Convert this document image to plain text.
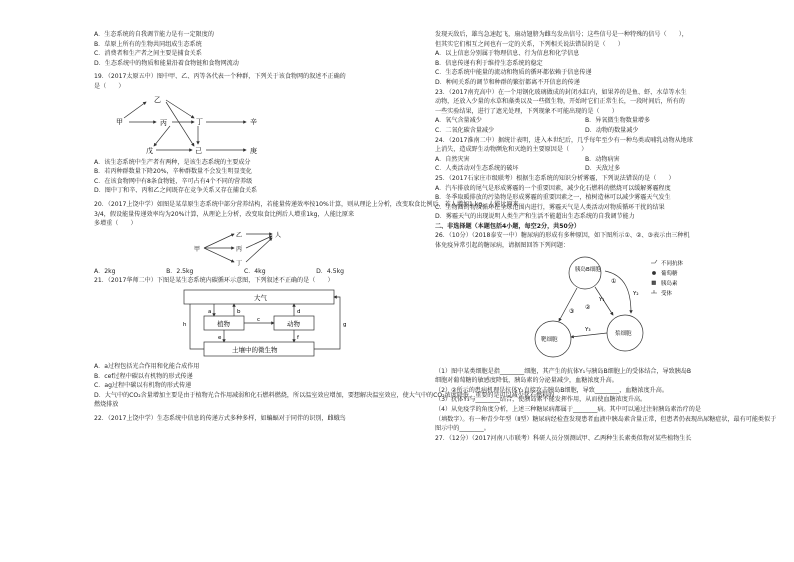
A．生态系统的自我调节能力是有一定限度的
B．草原上所有的生物共同组成生态系统
C．消费者和生产者之间主要是捕食关系
D．生态系统中的物质和能量沿着食物链和食物网流动
19．（2017太原五中）图中甲、乙、丙等各代表一个种群，下列关于该食物网的叙述不正确的
是（　　）
甲
乙
丙	丁	辛
戊	己	庚
A．该生态系统中生产者有两种，是该生态系统的主要成分
B．若丙种群数量下降20%，辛种群数量不会发生明显变化
C．在该食物网中有8条食物链，辛可占有4个不同的营养级
D．图中丁和辛、丙和乙之间既存在竞争关系又存在捕食关系
20．（2017上饶中学）如图是某草原生态系统中部分营养结构，若能量传递效率按10%计算，则从理论上分析，改变取食比例后，若人增加1 kg，人能比原来
3/4，假设能量传递效率均为20%计算，从理论上分析，改变取食比例后人增重1kg，人能比原来
多增重（　　）
甲
乙
丙
丁
人
A．2kg	B．2.5kg	C．4kg	D．4.5kg
21．（2017华师二中）下图是某生态系统内碳循环示意图，下列叙述不正确的是（　　）
大气
植物	动物
土壤中的微生物
a	b
c
d
e	f
g
h
A．a过程包括光合作用和化能合成作用
B．cef过程中碳以有机物的形式传递
C．ag过程中碳以有机物的形式传递
D．大气中的CO₂含量增加主要是由于植物光合作用减弱和化石燃料燃烧，所以温室效应增加，要想解决温室效应，使大气中的CO₂浓度降低，重要的是可以减少化石燃料的
燃烧排放
22．（2017上饶中学）生态系统中信息的传递方式多种多样，如蝙蝠对于同伴的识别，雌蛾鸟
发现天敌后，雄鸟急速起飞，扇动翅膀为雌鸟发出信号；这些信号是一种特殊的信号（　　），
但其实它们相互之间也有一定的关系，下列相关说法错误的是（　　）
A．以上信息分别属于物理信息、行为信息和化学信息
B．信息传递有利于维持生态系统的稳定
C．生态系统中能量的流动和物质的循环都依赖于信息传递
D．种间关系的调节和种群的繁衍都离不开信息的传递
23．（2017南充高中）在一个用钢化玻璃做成的封闭水缸内，如果养的是鱼、虾、水草等水生
动物，还放入少量的水草和藻类以及一些微生物，开始时它们正常生长，一段时间后，所有的
一些实验结果，进行了遮光处理，下列现象不可能出现的是（　　）
A．氧气含量减少	B．异氧微生物数量增多
C．二氧化碳含量减少	D．动物的数量减少
24．（2017淮南二中）据统计表明，进入本世纪后，几乎每年至少有一种鸟类或哺乳动物从地球
上消失，造成野生动物濒危和灭绝的主要原因是（　　）
A．自然灾害	B．动物病害
C．人类活动对生态系统的破坏	D．天敌过多
25．（2017石家庄市级联考）根据生态系统的知识分析雾霾，下列说法错误的是（　　）
A．汽车排放的尾气是形成雾霾的一个重要因素，减少化石燃料的燃烧可以缓解雾霾程度
B．冬季取暖排放的污染物是形成雾霾的重要因素之一，植树造林可以减少雾霾天气发生
C．生物圈的物质循环在全球范围内进行，雾霾天气是人类活动对物质循环干扰的结果
D．雾霾天气的出现说明人类生产和生活不能超出生态系统的自我调节能力
二、非选择题（本题包括4小题，每空2分，共50分）
26．（10分）（2018泰安一中）糖尿病的形成有多种原因，如下图所示①、②、③表示由三种机
体免疫异常引起的糖尿病，请据图回答下列问题：
胰岛B细胞
靶细胞
浆细胞
Y₁
Y₂
Y₃
①
②
③
不同抗体
葡萄糖
胰岛素
受体
（1）图中某类细胞是指________细胞，其产生的抗体Y₁与胰岛B细胞上的受体结合，导致胰岛B
细胞对葡萄糖的敏感度降低，胰岛素的分泌量减少，血糖浓度升高。
（2）②所示的患病机理是抗体Y₂直接攻击胰岛B细胞，导致________，血糖浓度升高。
（3）抗体Y₃与________结合，使胰岛素不能发挥作用，从而使血糖浓度升高。
（4）从免疫学的角度分析，上述三种糖尿病都属于________病。其中可以通过注射胰岛素治疗的是
（填数字）。有一种青少年型（Ⅱ型）糖尿病经检查发现患者血液中胰岛素含量正常，但患者仍表现出尿糖症状，最有可能类似于
图示中的________。
27．（12分）（2017河南八市联考）科研人员分别测试甲、乙两种生长素类似物对某些植物生长
